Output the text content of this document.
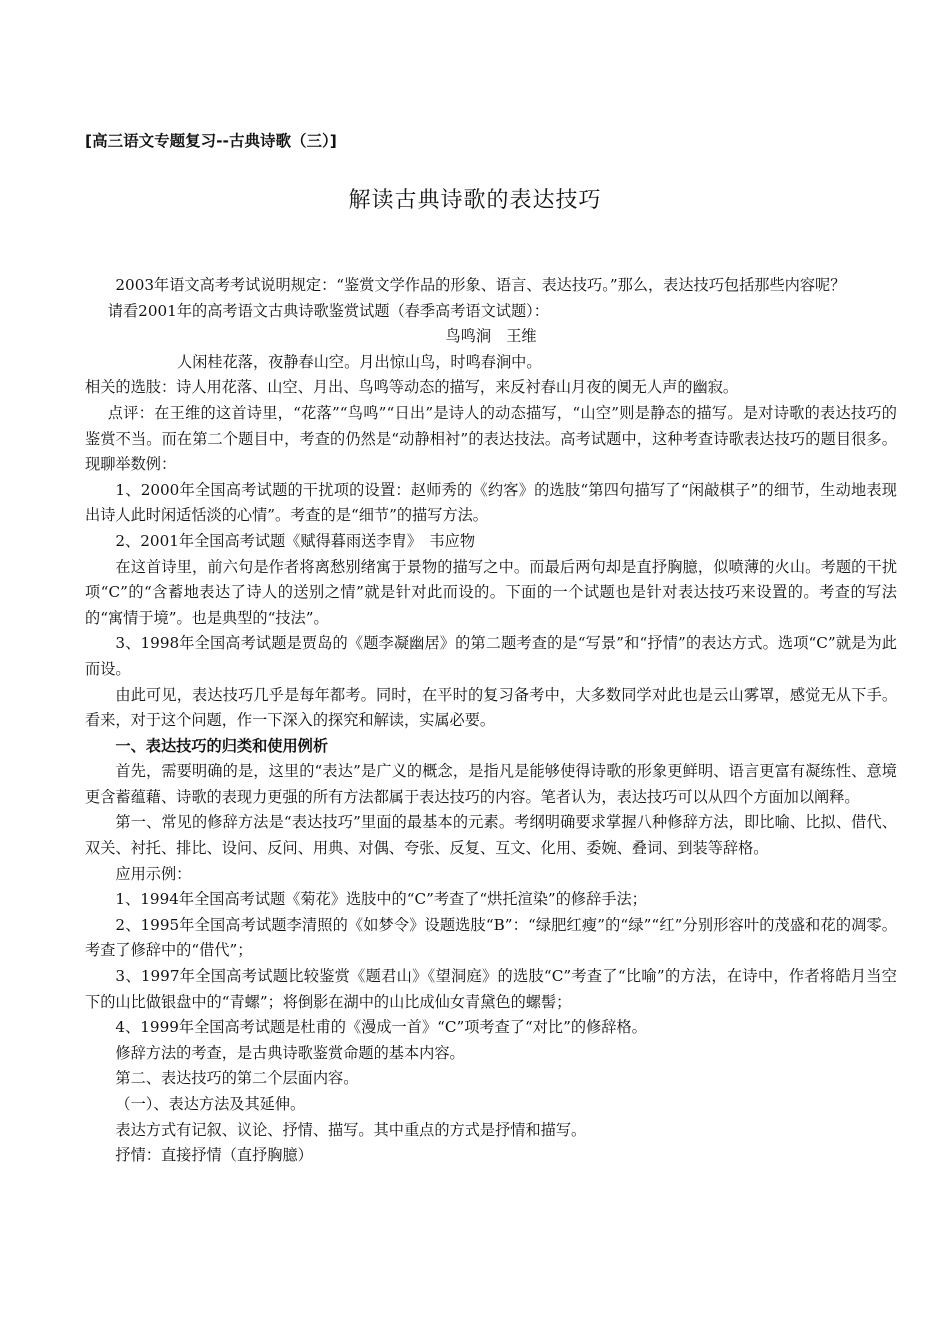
[高三语文专题复习--古典诗歌（三）]
解读古典诗歌的表达技巧

2003年语文高考考试说明规定：“鉴赏文学作品的形象、语言、表达技巧。”那么，表达技巧包括那些内容呢？

请看2001年的高考语文古典诗歌鉴赏试题（春季高考语文试题）：

鸟鸣涧　王维

人闲桂花落，夜静春山空。月出惊山鸟，时鸣春涧中。

相关的选肢：诗人用花落、山空、月出、鸟鸣等动态的描写，来反衬春山月夜的阒无人声的幽寂。

点评：在王维的这首诗里，“花落”“鸟鸣”“日出”是诗人的动态描写，“山空”则是静态的描写。是对诗歌的表达技巧的鉴赏不当。而在第二个题目中，考查的仍然是“动静相衬”的表达技法。高考试题中，这种考查诗歌表达技巧的题目很多。现聊举数例：

1、2000年全国高考试题的干扰项的设置：赵师秀的《约客》的选肢“第四句描写了“闲敲棋子”的细节，生动地表现出诗人此时闲适恬淡的心情”。考查的是“细节”的描写方法。

2、2001年全国高考试题《赋得暮雨送李胄》　韦应物

在这首诗里，前六句是作者将离愁别绪寓于景物的描写之中。而最后两句却是直抒胸臆，似喷薄的火山。考题的干扰项“C”的“含蓄地表达了诗人的送别之情”就是针对此而设的。下面的一个试题也是针对表达技巧来设置的。考查的写法的“寓情于境”。也是典型的“技法”。

3、1998年全国高考试题是贾岛的《题李凝幽居》的第二题考查的是“写景”和“抒情”的表达方式。选项“C”就是为此而设。

由此可见，表达技巧几乎是每年都考。同时，在平时的复习备考中，大多数同学对此也是云山雾罩，感觉无从下手。看来，对于这个问题，作一下深入的探究和解读，实属必要。

一、表达技巧的归类和使用例析

首先，需要明确的是，这里的“表达”是广义的概念，是指凡是能够使得诗歌的形象更鲜明、语言更富有凝练性、意境更含蓄蕴藉、诗歌的表现力更强的所有方法都属于表达技巧的内容。笔者认为，表达技巧可以从四个方面加以阐释。

第一、常见的修辞方法是“表达技巧”里面的最基本的元素。考纲明确要求掌握八种修辞方法，即比喻、比拟、借代、双关、衬托、排比、设问、反问、用典、对偶、夸张、反复、互文、化用、委婉、叠词、到装等辞格。

应用示例：

1、1994年全国高考试题《菊花》选肢中的“C”考查了“烘托渲染”的修辞手法；

2、1995年全国高考试题李清照的《如梦令》设题选肢“B”：“绿肥红瘦”的“绿”“红”分别形容叶的茂盛和花的凋零。考查了修辞中的“借代”；

3、1997年全国高考试题比较鉴赏《题君山》《望洞庭》的选肢“C”考查了“比喻”的方法，在诗中，作者将皓月当空下的山比做银盘中的“青螺”；将倒影在湖中的山比成仙女青黛色的螺髻；

4、1999年全国高考试题是杜甫的《漫成一首》“C”项考查了“对比”的修辞格。

修辞方法的考查，是古典诗歌鉴赏命题的基本内容。

第二、表达技巧的第二个层面内容。

（一）、表达方法及其延伸。

表达方式有记叙、议论、抒情、描写。其中重点的方式是抒情和描写。

抒情：直接抒情（直抒胸臆）
